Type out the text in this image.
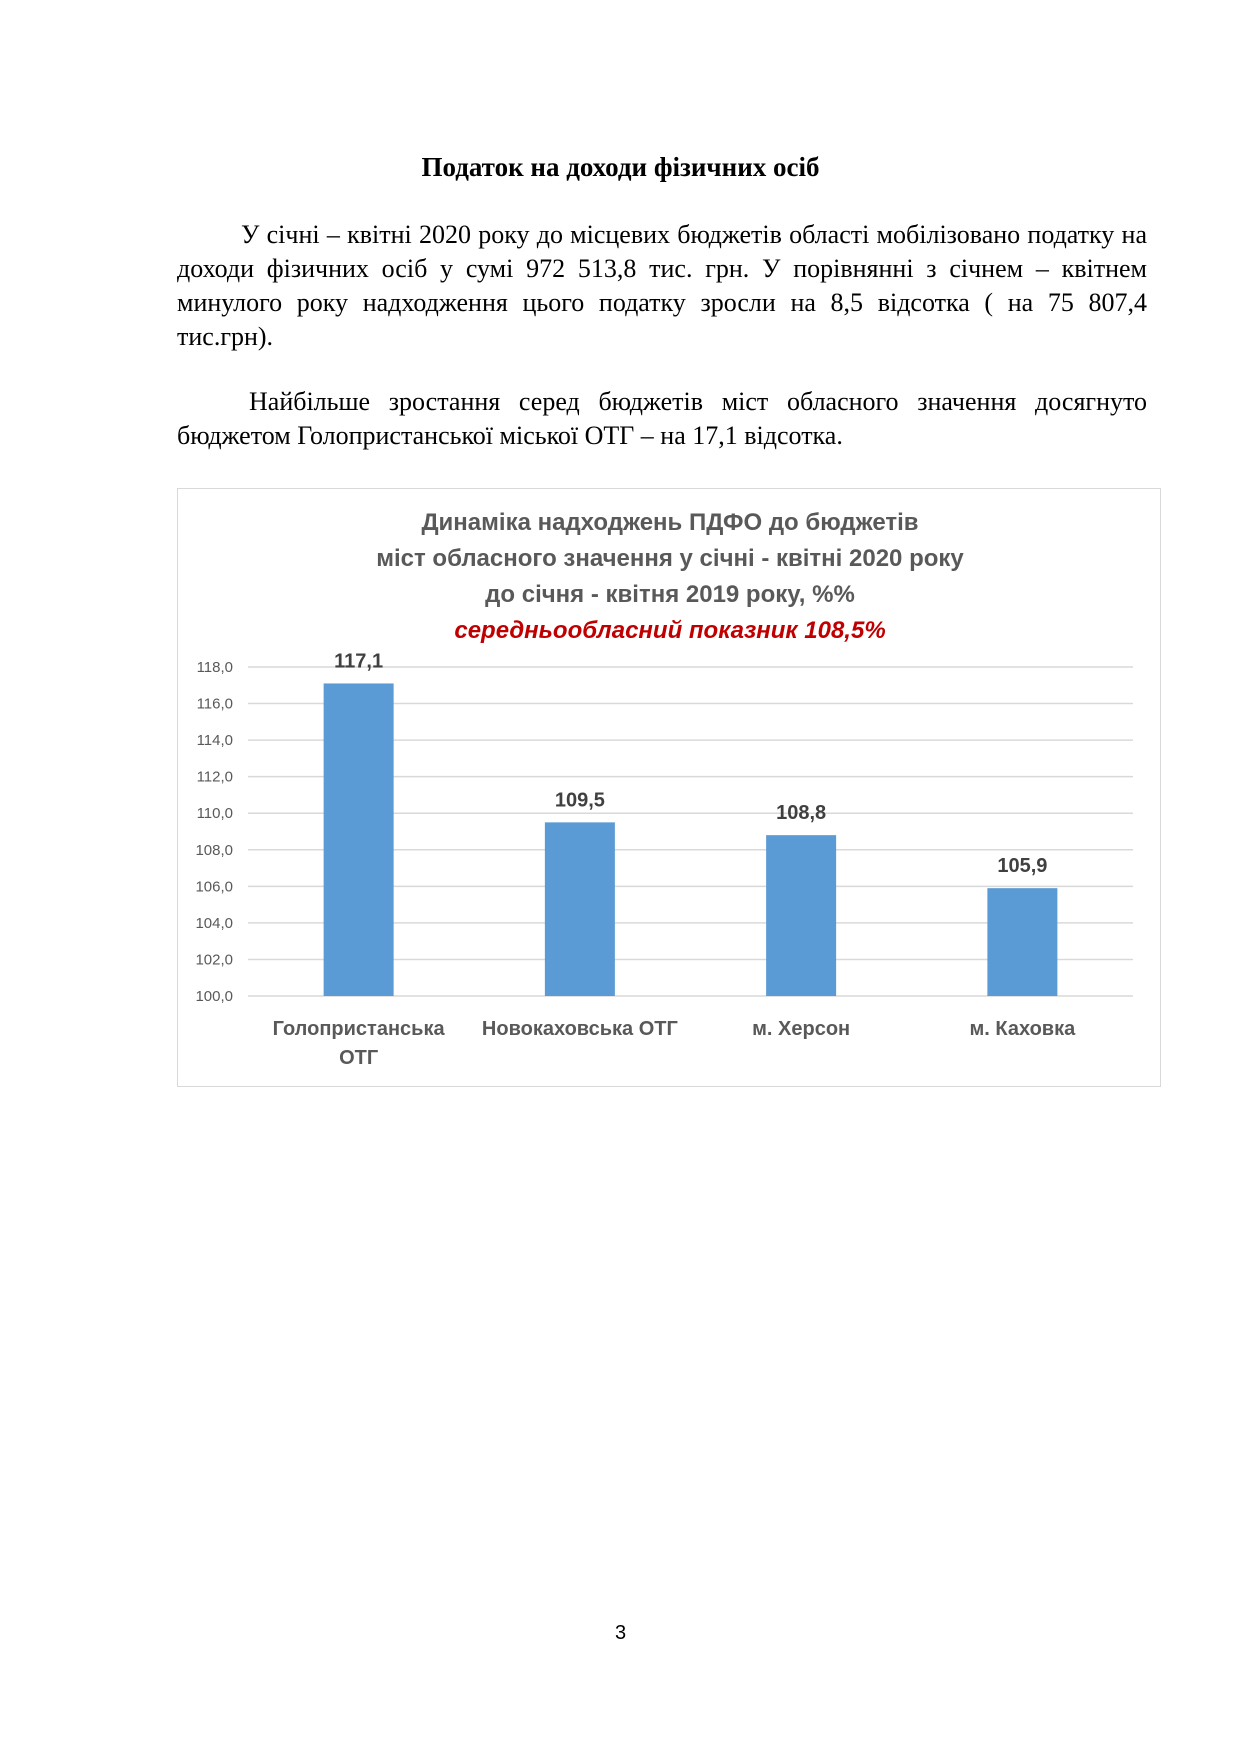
Податок на доходи фізичних осіб
У січні – квітні 2020 року до місцевих бюджетів області мобілізовано податку на доходи фізичних осіб у сумі 972 513,8 тис. грн. У порівнянні з січнем – квітнем минулого року надходження цього податку зросли на 8,5 відсотка ( на 75 807,4 тис.грн).
Найбільше зростання серед бюджетів міст обласного значення досягнуто бюджетом Голопристанської міської ОТГ – на 17,1 відсотка.
Динаміка надходжень ПДФО до бюджетів
міст обласного значення у січні - квітні 2020 року
до січня - квітня 2019 року, %%
середньообласний показник 108,5%
100,0
102,0
104,0
106,0
108,0
110,0
112,0
114,0
116,0
118,0	117,1
Голопристанська
ОТГ
109,5
Новокаховська ОТГ
108,8
м. Херсон
105,9
м. Каховка
3
